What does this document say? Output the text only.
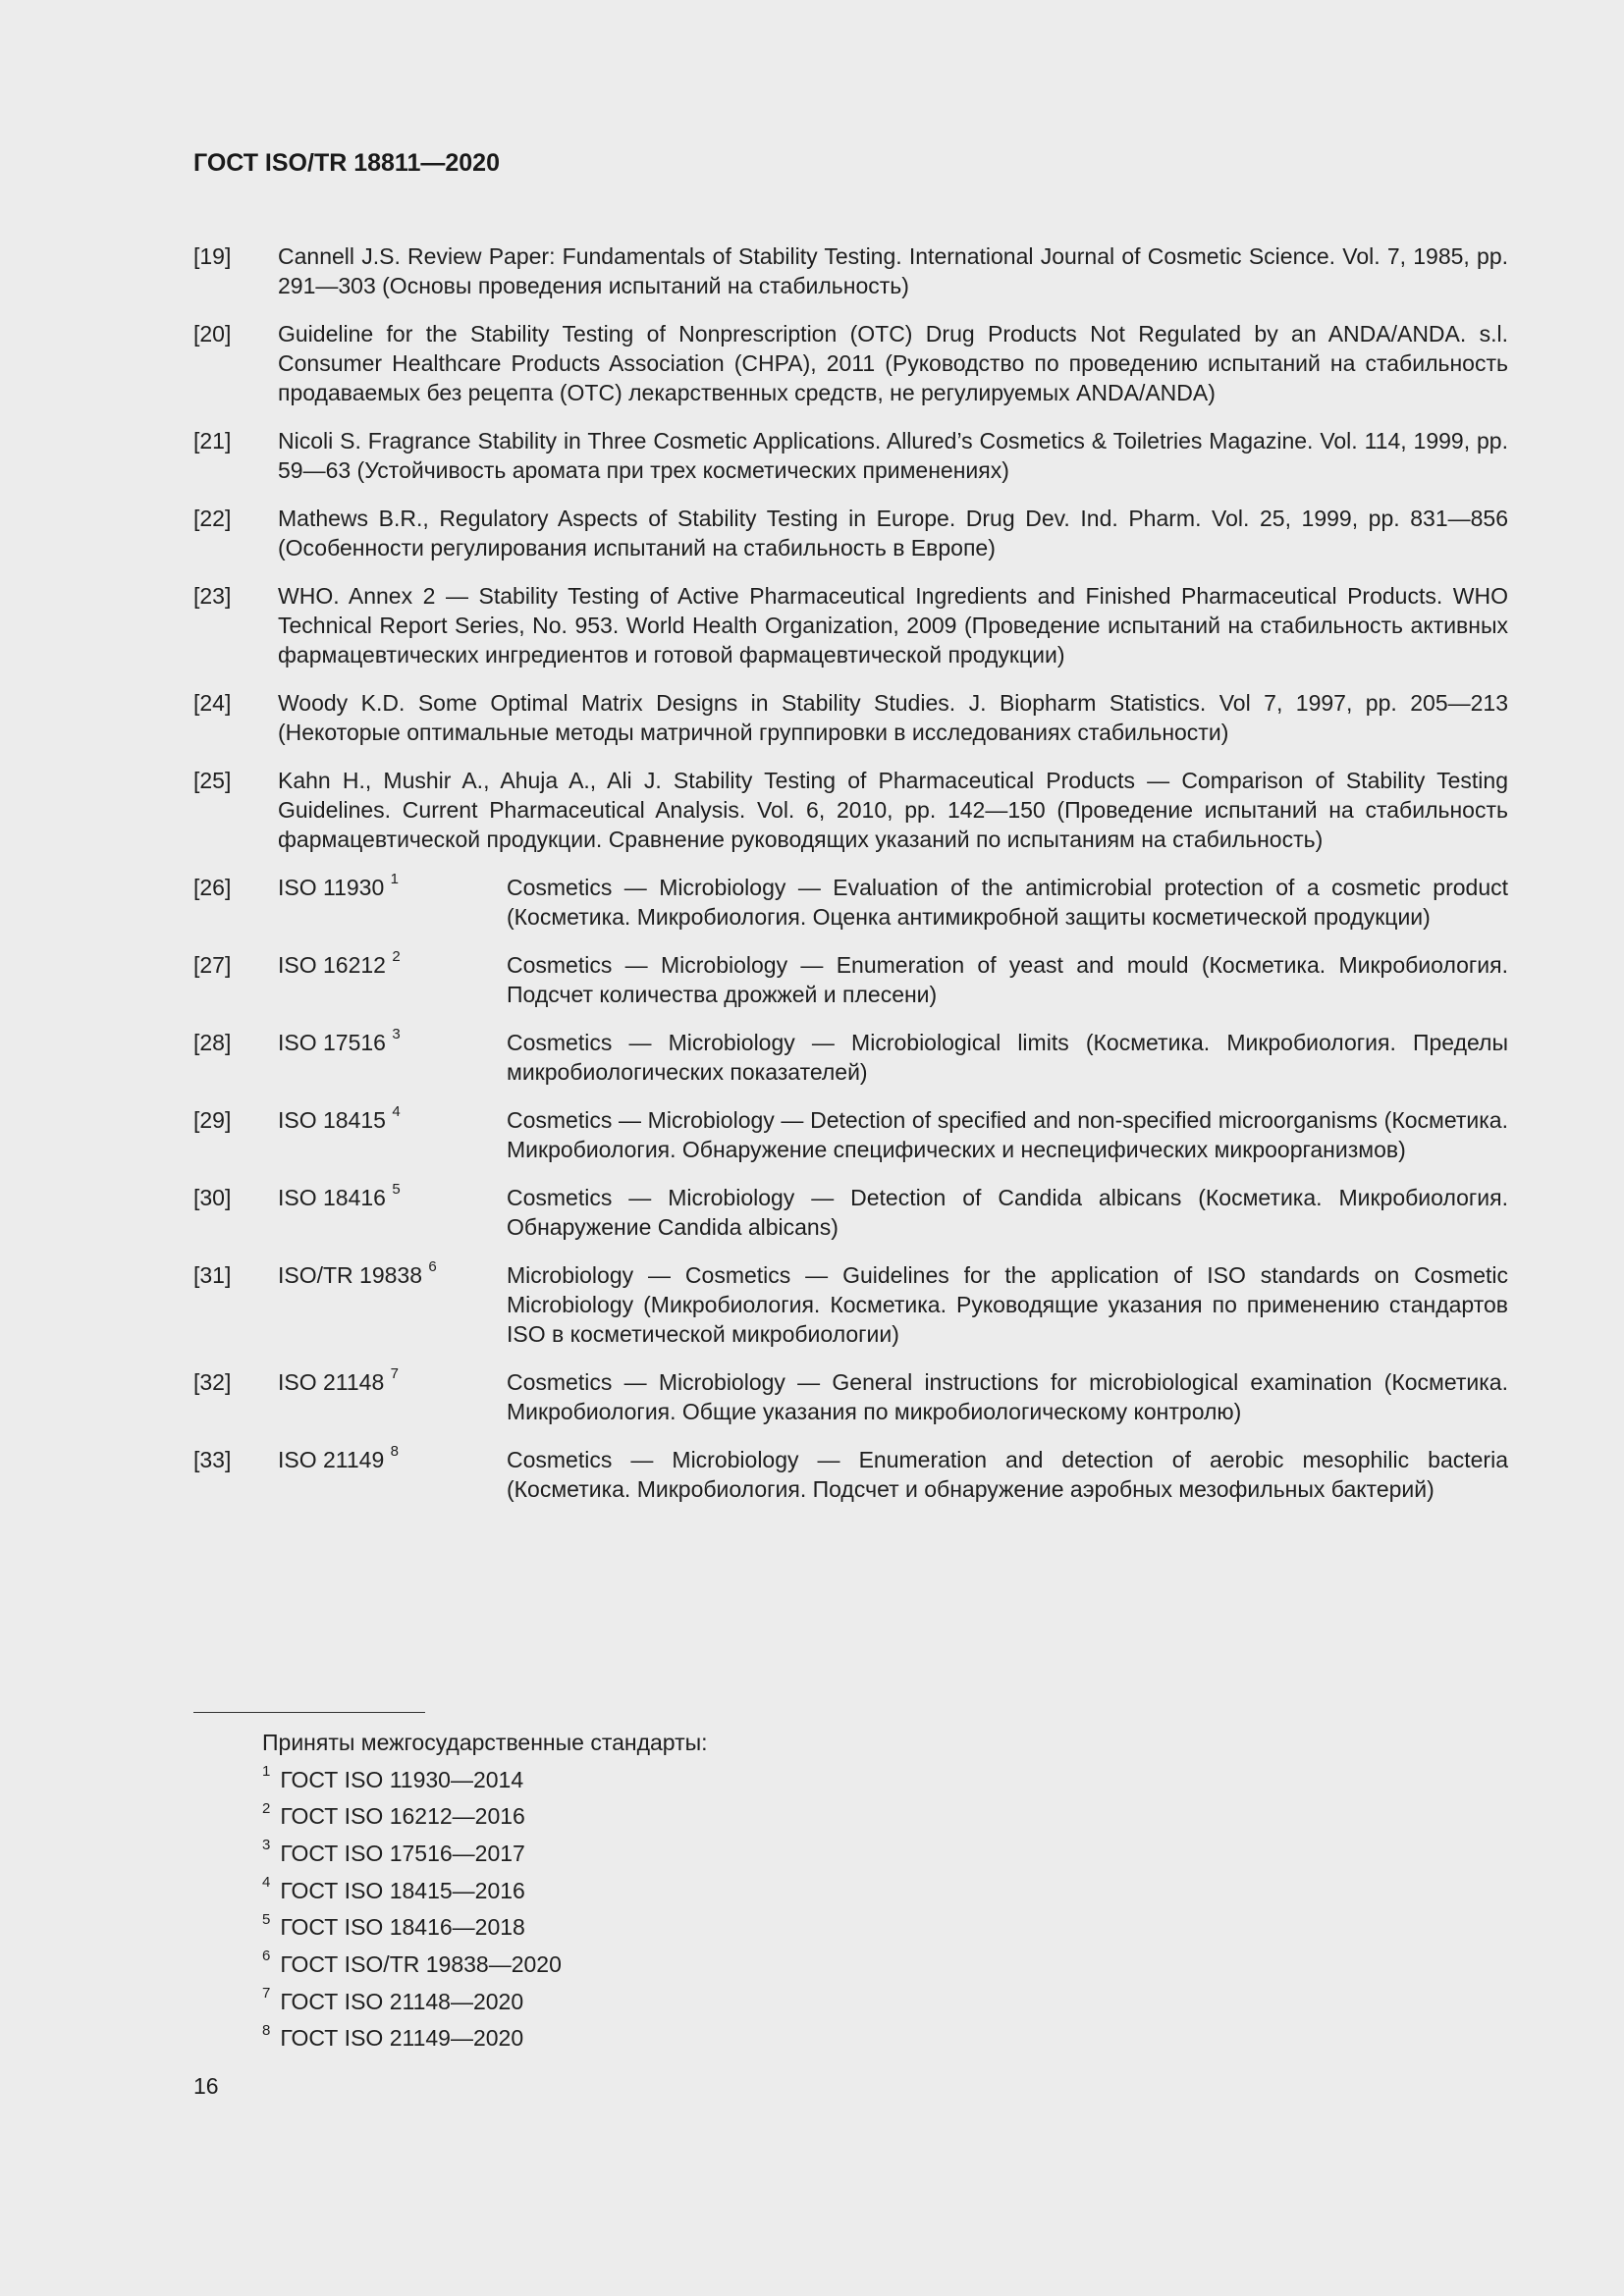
ГОСТ ISO/TR 18811—2020
[19]	Cannell J.S. Review Paper: Fundamentals of Stability Testing. International Journal of Cosmetic Science. Vol. 7, 1985, pp. 291—303 (Основы проведения испытаний на стабильность)
[20]	Guideline for the Stability Testing of Nonprescription (OTC) Drug Products Not Regulated by an ANDA/ANDA. s.l. Consumer Healthcare Products Association (CHPA), 2011 (Руководство по проведению испытаний на стабильность продаваемых без рецепта (ОТС) лекарственных средств, не регулируемых ANDA/ANDA)
[21]	Nicoli S. Fragrance Stability in Three Cosmetic Applications. Allured’s Cosmetics & Toiletries Magazine. Vol. 114, 1999, pp. 59—63 (Устойчивость аромата при трех косметических применениях)
[22]	Mathews B.R., Regulatory Aspects of Stability Testing in Europe. Drug Dev. Ind. Pharm. Vol. 25, 1999, pp. 831—856 (Особенности регулирования испытаний на стабильность в Европе)
[23]	WHO. Annex 2 — Stability Testing of Active Pharmaceutical Ingredients and Finished Pharmaceutical Products. WHO Technical Report Series, No. 953. World Health Organization, 2009 (Проведение испытаний на стабильность активных фармацевтических ингредиентов и готовой фармацевтической продукции)
[24]	Woody K.D. Some Optimal Matrix Designs in Stability Studies. J. Biopharm Statistics. Vol 7, 1997, pp. 205—213 (Некоторые оптимальные методы матричной группировки в исследованиях стабильности)
[25]	Kahn H., Mushir A., Ahuja A., Ali J. Stability Testing of Pharmaceutical Products — Comparison of Stability Testing Guidelines. Current Pharmaceutical Analysis. Vol. 6, 2010, pp. 142—150 (Проведение испытаний на стабильность фармацевтической продукции. Сравнение руководящих указаний по испытаниям на стабильность)
[26]	ISO 11930 $^1$	Cosmetics — Microbiology — Evaluation of the antimicrobial protection of a cosmetic product (Косметика. Микробиология. Оценка антимикробной защиты косметической продукции)
[27]	ISO 16212 $^2$	Cosmetics — Microbiology — Enumeration of yeast and mould (Косметика. Микробиология. Подсчет количества дрожжей и плесени)
[28]	ISO 17516 $^3$	Cosmetics — Microbiology — Microbiological limits (Косметика. Микробиология. Пределы микробиологических показателей)
[29]	ISO 18415 $^4$	Cosmetics — Microbiology — Detection of specified and non-specified microorganisms (Косметика. Микробиология. Обнаружение специфических и неспецифических микроорганизмов)
[30]	ISO 18416 $^5$	Cosmetics — Microbiology — Detection of Candida albicans (Косметика. Микробиология. Обнаружение Candida albicans)
[31]	ISO/TR 19838 $^6$	Microbiology — Cosmetics — Guidelines for the application of ISO standards on Cosmetic Microbiology (Микробиология. Косметика. Руководящие указания по применению стандартов ISO в косметической микробиологии)
[32]	ISO 21148 $^7$	Cosmetics — Microbiology — General instructions for microbiological examination (Косметика. Микробиология. Общие указания по микробиологическому контролю)
[33]	ISO 21149 $^8$	Cosmetics — Microbiology — Enumeration and detection of aerobic mesophilic bacteria (Косметика. Микробиология. Подсчет и обнаружение аэробных мезофильных бактерий)
Приняты межгосударственные стандарты:
$^1$ ГОСТ ISO 11930—2014
$^2$ ГОСТ ISO 16212—2016
$^3$ ГОСТ ISO 17516—2017
$^4$ ГОСТ ISO 18415—2016
$^5$ ГОСТ ISO 18416—2018
$^6$ ГОСТ ISO/TR 19838—2020
$^7$ ГОСТ ISO 21148—2020
$^8$ ГОСТ ISO 21149—2020
16
